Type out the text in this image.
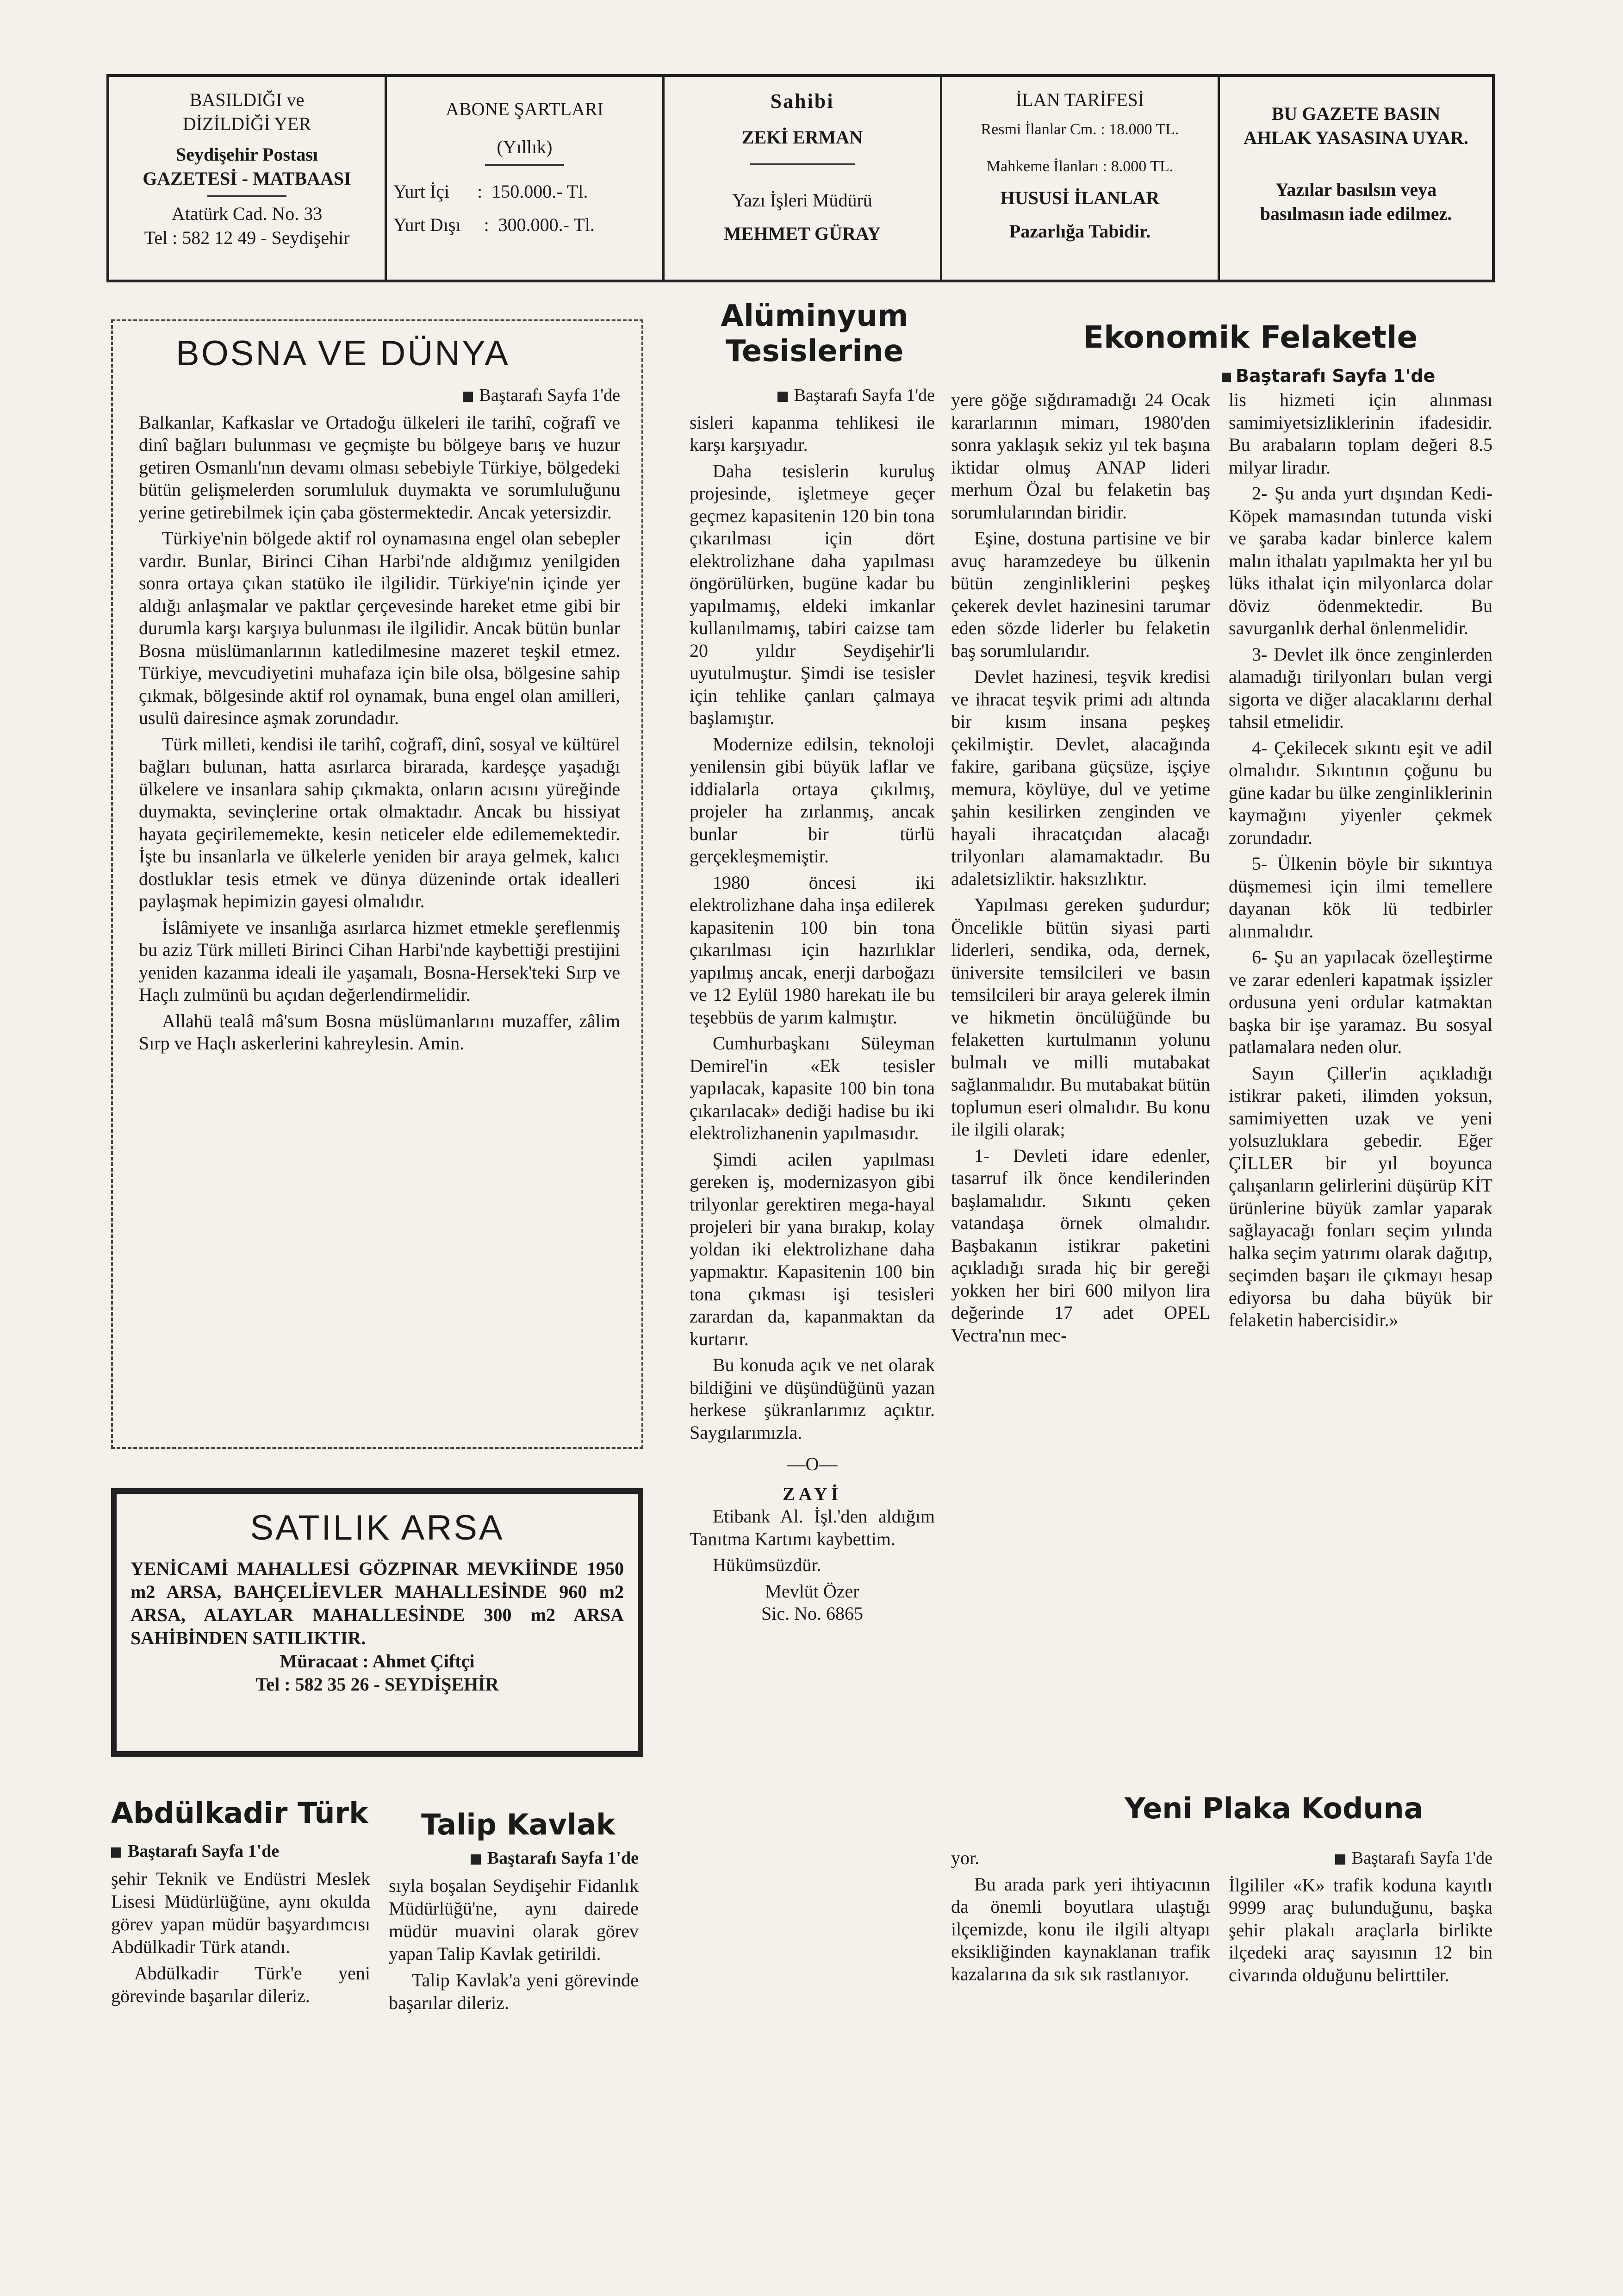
BASILDIĞI ve
DİZİLDİĞİ YER
Seydişehir Postası
GAZETESİ - MATBAASI
Atatürk Cad. No. 33
Tel : 582 12 49 - Seydişehir
ABONE ŞARTLARI
(Yıllık)
Yurt İçi      :  150.000.- Tl.
Yurt Dışı     :  300.000.- Tl.
Sahibi
ZEKİ ERMAN
Yazı İşleri Müdürü
MEHMET GÜRAY
İLAN TARİFESİ
Resmi İlanlar Cm. : 18.000 TL.
Mahkeme İlanları : 8.000 TL.
HUSUSİ İLANLAR
Pazarlığa Tabidir.
BU GAZETE BASIN
AHLAK YASASINA UYAR.
Yazılar basılsın veya
basılmasın iade edilmez.
BOSNA VE DÜNYA
Baştarafı Sayfa 1'de

Balkanlar, Kafkaslar ve Ortadoğu ülkeleri ile tarihî, coğrafî ve dinî bağları bulunması ve geçmişte bu bölgeye barış ve huzur getiren Osmanlı'nın devamı olması sebebiyle Türkiye, bölgedeki bütün gelişmelerden sorumluluk duymakta ve sorumluluğunu yerine getirebilmek için çaba göstermektedir. Ancak yetersizdir.

Türkiye'nin bölgede aktif rol oynamasına engel olan sebepler vardır. Bunlar, Birinci Cihan Harbi'nde aldığımız yenilgiden sonra ortaya çıkan statüko ile ilgilidir. Türkiye'nin içinde yer aldığı anlaşmalar ve paktlar çerçevesinde hareket etme gibi bir durumla karşı karşıya bulunması ile ilgilidir. Ancak bütün bunlar Bosna müslümanlarının katledilmesine mazeret teşkil etmez. Türkiye, mevcudiyetini muhafaza için bile olsa, bölgesine sahip çıkmak, bölgesinde aktif rol oynamak, buna engel olan amilleri, usulü dairesince aşmak zorundadır.

Türk milleti, kendisi ile tarihî, coğrafî, dinî, sosyal ve kültürel bağları bulunan, hatta asırlarca birarada, kardeşçe yaşadığı ülkelere ve insanlara sahip çıkmakta, onların acısını yüreğinde duymakta, sevinçlerine ortak olmaktadır. Ancak bu hissiyat hayata geçirilememekte, kesin neticeler elde edilememektedir. İşte bu insanlarla ve ülkelerle yeniden bir araya gelmek, kalıcı dostluklar tesis etmek ve dünya düzeninde ortak idealleri paylaşmak hepimizin gayesi olmalıdır.

İslâmiyete ve insanlığa asırlarca hizmet etmekle şereflenmiş bu aziz Türk milleti Birinci Cihan Harbi'nde kaybettiği prestijini yeniden kazanma ideali ile yaşamalı, Bosna-Hersek'teki Sırp ve Haçlı zulmünü bu açıdan değerlendirmelidir.

Allahü tealâ mâ'sum Bosna müslümanlarını muzaffer, zâlim Sırp ve Haçlı askerlerini kahreylesin. Amin.

SATILIK ARSA
YENİCAMİ MAHALLESİ GÖZPINAR MEVKİİNDE 1950 m2 ARSA, BAHÇELİEVLER MAHALLESİNDE 960 m2 ARSA, ALAYLAR MAHALLESİNDE 300 m2 ARSA SAHİBİNDEN SATILIKTIR.
Müracaat : Ahmet Çiftçi
Tel : 582 35 26 - SEYDİŞEHİR
Abdülkadir Türk
Baştarafı Sayfa 1'de

şehir Teknik ve Endüstri Meslek Lisesi Müdürlüğüne, aynı okulda görev yapan müdür başyardımcısı Abdülkadir Türk atandı.

Abdülkadir Türk'e yeni görevinde başarılar dileriz.

Talip Kavlak
Baştarafı Sayfa 1'de

sıyla boşalan Seydişehir Fidanlık Müdürlüğü'ne, aynı dairede müdür muavini olarak görev yapan Talip Kavlak getirildi.

Talip Kavlak'a yeni görevinde başarılar dileriz.

Alüminyum
Tesislerine
Baştarafı Sayfa 1'de

sisleri kapanma tehlikesi ile karşı karşıyadır.

Daha tesislerin kuruluş projesinde, işletmeye geçer geçmez kapasitenin 120 bin tona çıkarılması için dört elektrolizhane daha yapılması öngörülürken, bugüne kadar bu yapılmamış, eldeki imkanlar kullanılmamış, tabiri caizse tam 20 yıldır Seydişehir'li uyutulmuştur. Şimdi ise tesisler için tehlike çanları çalmaya başlamıştır.

Modernize edilsin, teknoloji yenilensin gibi büyük laflar ve iddialarla ortaya çıkılmış, projeler ha zırlanmış, ancak bunlar bir türlü gerçekleşmemiştir.

1980 öncesi iki elektrolizhane daha inşa edilerek kapasitenin 100 bin tona çıkarılması için hazırlıklar yapılmış ancak, enerji darboğazı ve 12 Eylül 1980 harekatı ile bu teşebbüs de yarım kalmıştır.

Cumhurbaşkanı Süleyman Demirel'in «Ek tesisler yapılacak, kapasite 100 bin tona çıkarılacak» dediği hadise bu iki elektrolizhanenin yapılmasıdır.

Şimdi acilen yapılması gereken iş, modernizasyon gibi trilyonlar gerektiren mega-hayal projeleri bir yana bırakıp, kolay yoldan iki elektrolizhane daha yapmaktır. Kapasitenin 100 bin tona çıkması işi tesisleri zarardan da, kapanmaktan da kurtarır.

Bu konuda açık ve net olarak bildiğini ve düşündüğünü yazan herkese şükranlarımız açıktır. Saygılarımızla.

—O—
ZAYİ

Etibank Al. İşl.'den aldığım Tanıtma Kartımı kaybettim.

Hükümsüzdür.

Mevlüt Özer
Sic. No. 6865
Ekonomik Felaketle
Baştarafı Sayfa 1'de

yere göğe sığdıramadığı 24 Ocak kararlarının mimarı, 1980'den sonra yaklaşık sekiz yıl tek başına iktidar olmuş ANAP lideri merhum Özal bu felaketin baş sorumlularından biridir.

Eşine, dostuna partisine ve bir avuç haramzedeye bu ülkenin bütün zenginliklerini peşkeş çekerek devlet hazinesini tarumar eden sözde liderler bu felaketin baş sorumlularıdır.

Devlet hazinesi, teşvik kredisi ve ihracat teşvik primi adı altında bir kısım insana peşkeş çekilmiştir. Devlet, alacağında fakire, garibana güçsüze, işçiye memura, köylüye, dul ve yetime şahin kesilirken zenginden ve hayali ihracatçıdan alacağı trilyonları alamamaktadır. Bu adaletsizliktir. haksızlıktır.

Yapılması gereken şudurdur; Öncelikle bütün siyasi parti liderleri, sendika, oda, dernek, üniversite temsilcileri ve basın temsilcileri bir araya gelerek ilmin ve hikmetin öncülüğünde bu felaketten kurtulmanın yolunu bulmalı ve milli mutabakat sağlanmalıdır. Bu mutabakat bütün toplumun eseri olmalıdır. Bu konu ile ilgili olarak;

1- Devleti idare edenler, tasarruf ilk önce kendilerinden başlamalıdır. Sıkıntı çeken vatandaşa örnek olmalıdır. Başbakanın istikrar paketini açıkladığı sırada hiç bir gereği yokken her biri 600 milyon lira değerinde 17 adet OPEL Vectra'nın mec-

lis hizmeti için alınması samimiyetsizliklerinin ifadesidir. Bu arabaların toplam değeri 8.5 milyar liradır.

2- Şu anda yurt dışından Kedi-Köpek mamasından tutunda viski ve şaraba kadar binlerce kalem malın ithalatı yapılmakta her yıl bu lüks ithalat için milyonlarca dolar döviz ödenmektedir. Bu savurganlık derhal önlenmelidir.

3- Devlet ilk önce zenginlerden alamadığı tirilyonları bulan vergi sigorta ve diğer alacaklarını derhal tahsil etmelidir.

4- Çekilecek sıkıntı eşit ve adil olmalıdır. Sıkıntının çoğunu bu güne kadar bu ülke zenginliklerinin kaymağını yiyenler çekmek zorundadır.

5- Ülkenin böyle bir sıkıntıya düşmemesi için ilmi temellere dayanan kök lü tedbirler alınmalıdır.

6- Şu an yapılacak özelleştirme ve zarar edenleri kapatmak işsizler ordusuna yeni ordular katmaktan başka bir işe yaramaz. Bu sosyal patlamalara neden olur.

Sayın Çiller'in açıkladığı istikrar paketi, ilimden yoksun, samimiyetten uzak ve yeni yolsuzluklara gebedir. Eğer ÇİLLER bir yıl boyunca çalışanların gelirlerini düşürüp KİT ürünlerine büyük zamlar yaparak sağlayacağı fonları seçim yılında halka seçim yatırımı olarak dağıtıp, seçimden başarı ile çıkmayı hesap ediyorsa bu daha büyük bir felaketin habercisidir.»

Yeni Plaka Koduna

yor.

Bu arada park yeri ihtiyacının da önemli boyutlara ulaştığı ilçemizde, konu ile ilgili altyapı eksikliğinden kaynaklanan trafik kazalarına da sık sık rastlanıyor.

Baştarafı Sayfa 1'de

İlgililer «K» trafik koduna kayıtlı 9999 araç bulunduğunu, başka şehir plakalı araçlarla birlikte ilçedeki araç sayısının 12 bin civarında olduğunu belirttiler.
